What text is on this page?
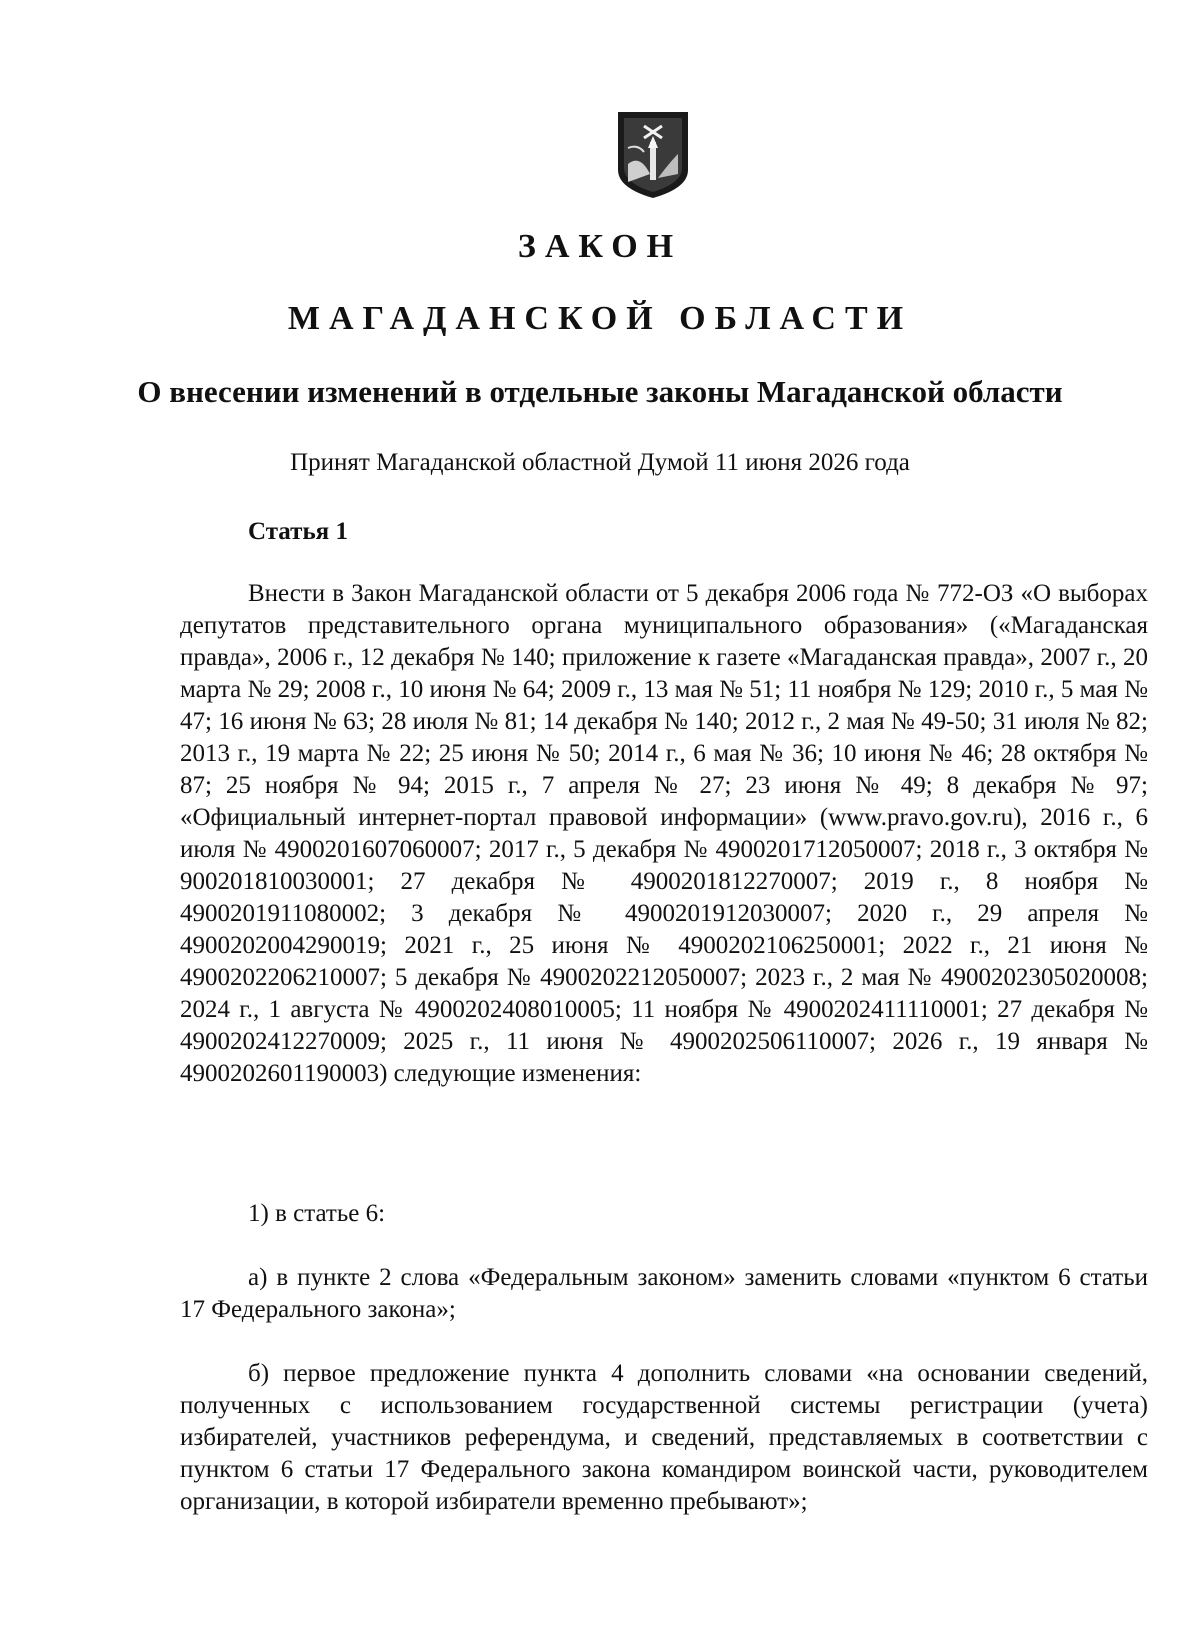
ЗАКОН
МАГАДАНСКОЙ ОБЛАСТИ
О внесении изменений в отдельные законы Магаданской области
Принят Магаданской областной Думой 11 июня 2026 года
Статья 1

Внести в Закон Магаданской области от 5 декабря 2006 года № 772-ОЗ «О выборах депутатов представительного органа муниципального образования» («Магаданская правда», 2006 г., 12 декабря № 140; приложение к газете «Магаданская правда», 2007 г., 20 марта № 29; 2008 г., 10 июня № 64; 2009 г., 13 мая № 51; 11 ноября № 129; 2010 г., 5 мая № 47; 16 июня № 63; 28 июля № 81; 14 декабря № 140; 2012 г., 2 мая № 49-50; 31 июля № 82; 2013 г., 19 марта № 22; 25 июня № 50; 2014 г., 6 мая № 36; 10 июня № 46; 28 октября № 87; 25 ноября № 94; 2015 г., 7 апреля № 27; 23 июня № 49; 8 декабря № 97; «Официальный интернет-портал правовой информации» (www.pravo.gov.ru), 2016 г., 6 июля № 4900201607060007; 2017 г., 5 декабря № 4900201712050007; 2018 г., 3 октября № 900201810030001; 27 декабря № 4900201812270007; 2019 г., 8 ноября № 4900201911080002; 3 декабря № 4900201912030007; 2020 г., 29 апреля № 4900202004290019; 2021 г., 25 июня № 4900202106250001; 2022 г., 21 июня № 4900202206210007; 5 декабря № 4900202212050007; 2023 г., 2 мая № 4900202305020008; 2024 г., 1 августа № 4900202408010005; 11 ноября № 4900202411110001; 27 декабря № 4900202412270009; 2025 г., 11 июня № 4900202506110007; 2026 г., 19 января № 4900202601190003) следующие изменения:

1) в статье 6:

а) в пункте 2 слова «Федеральным законом» заменить словами «пунктом 6 статьи 17 Федерального закона»;

б) первое предложение пункта 4 дополнить словами «на основании сведений, полученных с использованием государственной системы регистрации (учета) избирателей, участников референдума, и сведений, представляемых в соответствии с пунктом 6 статьи 17 Федерального закона командиром воинской части, руководителем организации, в которой избиратели временно пребывают»;
